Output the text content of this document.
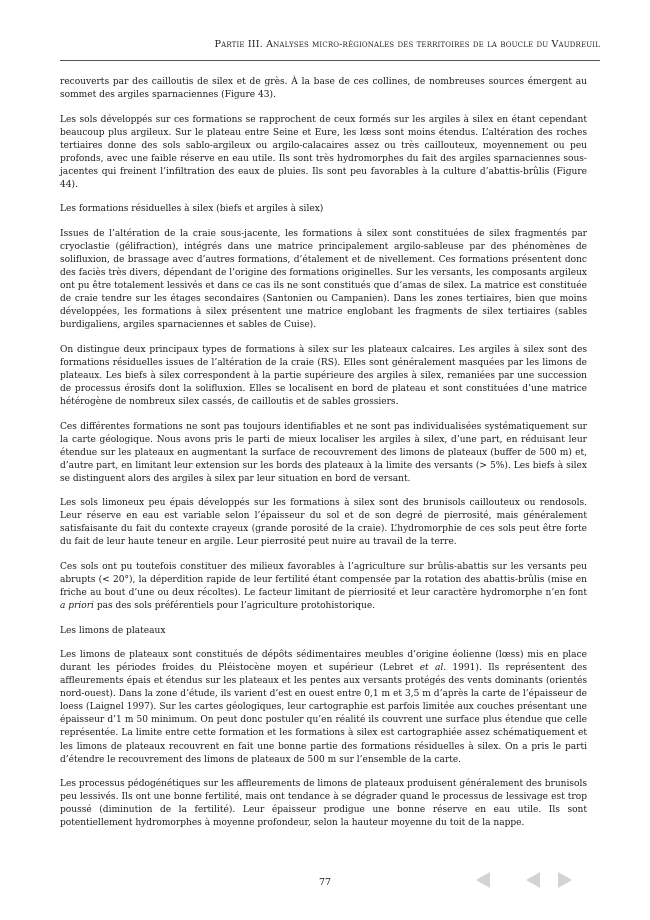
Partie III. Analyses micro-régionales des territoires de la boucle du Vaudreuil

recouverts par des cailloutis de silex et de grès. À la base de ces collines, de nombreuses sources émergent au sommet des argiles sparnaciennes (Figure 43).

Les sols développés sur ces formations se rapprochent de ceux formés sur les argiles à silex en étant cependant beaucoup plus argileux. Sur le plateau entre Seine et Eure, les lœss sont moins étendus. L’altération des roches tertiaires donne des sols sablo-argileux ou argilo-calacaires assez ou très caillouteux, moyennement ou peu profonds, avec une faible réserve en eau utile. Ils sont très hydromorphes du fait des argiles sparnaciennes sous-jacentes qui freinent l’infiltration des eaux de pluies. Ils sont peu favorables à la culture d’abattis-brûlis (Figure 44).

Les formations résiduelles à silex (biefs et argiles à silex)

Issues de l’altération de la craie sous-jacente, les formations à silex sont constituées de silex fragmentés par cryoclastie (gélifraction), intégrés dans une matrice principalement argilo-sableuse par des phénomènes de solifluxion, de brassage avec d’autres formations, d’étalement et de nivellement. Ces formations présentent donc des faciès très divers, dépendant de l’origine des formations originelles. Sur les versants, les composants argileux ont pu être totalement lessivés et dans ce cas ils ne sont constitués que d’amas de silex. La matrice est constituée de craie tendre sur les étages secondaires (Santonien ou Campanien). Dans les zones tertiaires, bien que moins développées, les formations à silex présentent une matrice englobant les fragments de silex tertiaires (sables burdigaliens, argiles sparnaciennes et sables de Cuise).

On distingue deux principaux types de formations à silex sur les plateaux calcaires. Les argiles à silex sont des formations résiduelles issues de l’altération de la craie (RS). Elles sont généralement masquées par les limons de plateaux. Les biefs à silex correspondent à la partie supérieure des argiles à silex, remaniées par une succession de processus érosifs dont la solifluxion. Elles se localisent en bord de plateau et sont constituées d’une matrice hétérogène de nombreux silex cassés, de cailloutis et de sables grossiers.

Ces différentes formations ne sont pas toujours identifiables et ne sont pas individualisées systématiquement sur la carte géologique. Nous avons pris le parti de mieux localiser les argiles à silex, d’une part, en réduisant leur étendue sur les plateaux en augmentant la surface de recouvrement des limons de plateaux (buffer de 500 m) et, d’autre part, en limitant leur extension sur les bords des plateaux à la limite des versants (> 5%). Les biefs à silex se distinguent alors des argiles à silex par leur situation en bord de versant.

Les sols limoneux peu épais développés sur les formations à silex sont des brunisols caillouteux ou rendosols. Leur réserve en eau est variable selon l’épaisseur du sol et de son degré de pierrosité, mais généralement satisfaisante du fait du contexte crayeux (grande porosité de la craie). L’hydromorphie de ces sols peut être forte du fait de leur haute teneur en argile. Leur pierrosité peut nuire au travail de la terre.

Ces sols ont pu toutefois constituer des milieux favorables à l’agriculture sur brûlis-abattis sur les versants peu abrupts (< 20°), la déperdition rapide de leur fertilité étant compensée par la rotation des abattis-brûlis (mise en friche au bout d’une ou deux récoltes). Le facteur limitant de pierriosité et leur caractère hydromorphe n’en font a priori pas des sols préférentiels pour l’agriculture protohistorique.

Les limons de plateaux

Les limons de plateaux sont constitués de dépôts sédimentaires meubles d’origine éolienne (lœss) mis en place durant les périodes froides du Pléistocène moyen et supérieur (Lebret et al. 1991). Ils représentent des affleurements épais et étendus sur les plateaux et les pentes aux versants protégés des vents dominants (orientés nord-ouest). Dans la zone d’étude, ils varient d’est en ouest entre 0,1 m et 3,5 m d’après la carte de l’épaisseur de loess (Laignel 1997). Sur les cartes géologiques, leur cartographie est parfois limitée aux couches présentant une épaisseur d’1 m 50 minimum. On peut donc postuler qu’en réalité ils couvrent une surface plus étendue que celle représentée. La limite entre cette formation et les formations à silex est cartographiée assez schématiquement et les limons de plateaux recouvrent en fait une bonne partie des formations résiduelles à silex. On a pris le parti d’étendre le recouvrement des limons de plateaux de 500 m sur l’ensemble de la carte.

Les processus pédogénétiques sur les affleurements de limons de plateaux produisent généralement des brunisols peu lessivés. Ils ont une bonne fertilité, mais ont tendance à se dégrader quand le processus de lessivage est trop poussé (diminution de la fertilité). Leur épaisseur prodigue une bonne réserve en eau utile. Ils sont potentiellement hydromorphes à moyenne profondeur, selon la hauteur moyenne du toit de la nappe.

77
